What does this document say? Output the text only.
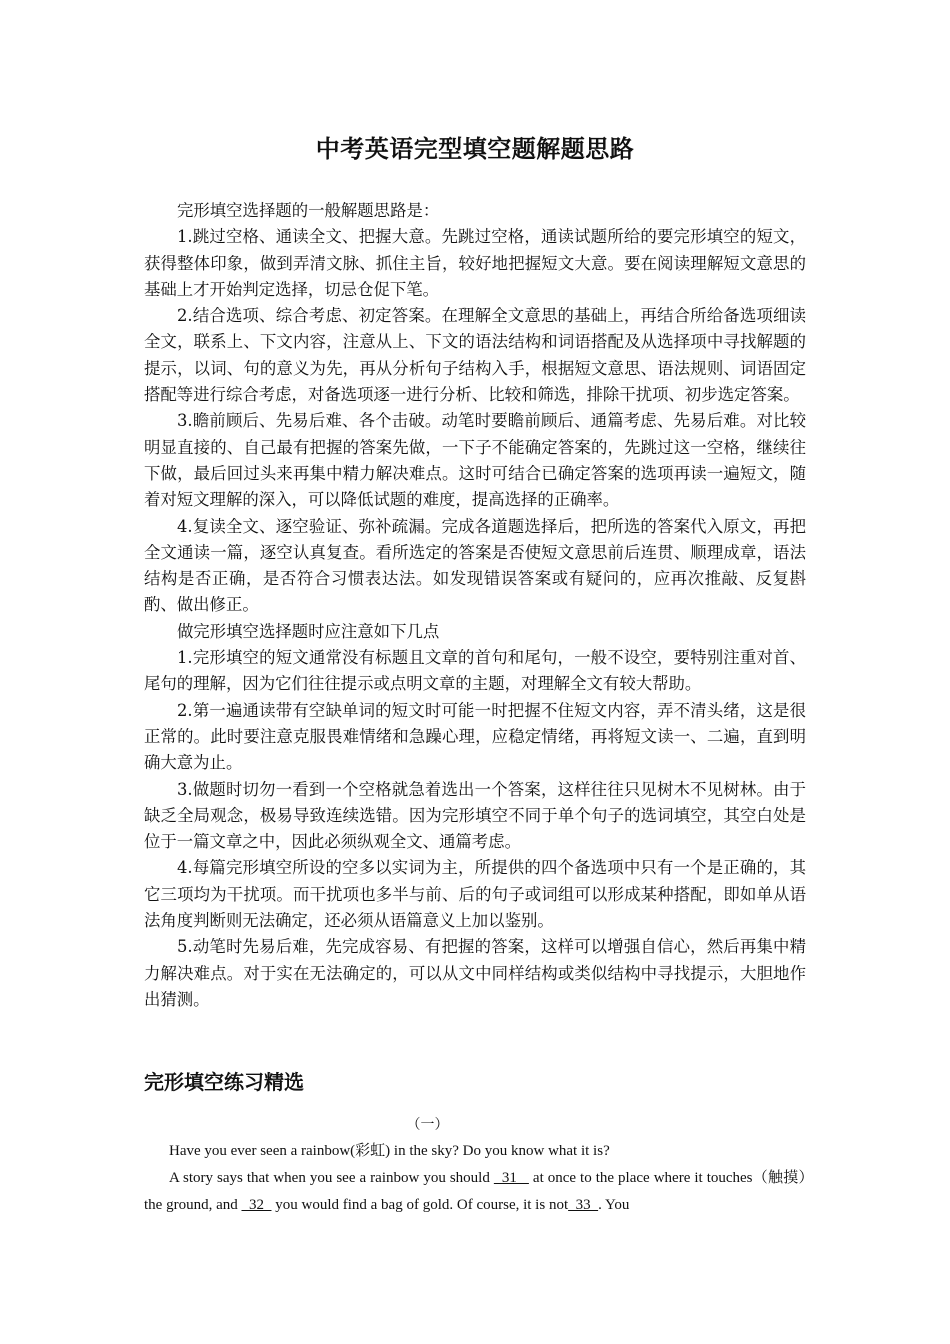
中考英语完型填空题解题思路

完形填空选择题的一般解题思路是：

1.跳过空格、通读全文、把握大意。先跳过空格，通读试题所给的要完形填空的短文，获得整体印象，做到弄清文脉、抓住主旨，较好地把握短文大意。要在阅读理解短文意思的基础上才开始判定选择，切忌仓促下笔。

2.结合选项、综合考虑、初定答案。在理解全文意思的基础上，再结合所给备选项细读全文，联系上、下文内容，注意从上、下文的语法结构和词语搭配及从选择项中寻找解题的提示，以词、句的意义为先，再从分析句子结构入手，根据短文意思、语法规则、词语固定搭配等进行综合考虑，对备选项逐一进行分析、比较和筛选，排除干扰项、初步选定答案。

3.瞻前顾后、先易后难、各个击破。动笔时要瞻前顾后、通篇考虑、先易后难。对比较明显直接的、自己最有把握的答案先做，一下子不能确定答案的，先跳过这一空格，继续往下做，最后回过头来再集中精力解决难点。这时可结合已确定答案的选项再读一遍短文，随着对短文理解的深入，可以降低试题的难度，提高选择的正确率。

4.复读全文、逐空验证、弥补疏漏。完成各道题选择后，把所选的答案代入原文，再把全文通读一篇，逐空认真复查。看所选定的答案是否使短文意思前后连贯、顺理成章，语法结构是否正确，是否符合习惯表达法。如发现错误答案或有疑问的，应再次推敲、反复斟酌、做出修正。

做完形填空选择题时应注意如下几点

1.完形填空的短文通常没有标题且文章的首句和尾句，一般不设空，要特别注重对首、尾句的理解，因为它们往往提示或点明文章的主题，对理解全文有较大帮助。

2.第一遍通读带有空缺单词的短文时可能一时把握不住短文内容，弄不清头绪，这是很正常的。此时要注意克服畏难情绪和急躁心理，应稳定情绪，再将短文读一、二遍，直到明确大意为止。

3.做题时切勿一看到一个空格就急着选出一个答案，这样往往只见树木不见树林。由于缺乏全局观念，极易导致连续选错。因为完形填空不同于单个句子的选词填空，其空白处是位于一篇文章之中，因此必须纵观全文、通篇考虑。

4.每篇完形填空所设的空多以实词为主，所提供的四个备选项中只有一个是正确的，其它三项均为干扰项。而干扰项也多半与前、后的句子或词组可以形成某种搭配，即如单从语法角度判断则无法确定，还必须从语篇意义上加以鉴别。

5.动笔时先易后难，先完成容易、有把握的答案，这样可以增强自信心，然后再集中精力解决难点。对于实在无法确定的，可以从文中同样结构或类似结构中寻找提示，大胆地作出猜测。

完形填空练习精选
（一）

Have you ever seen a rainbow(彩虹) in the sky? Do you know what it is?

A story says that when you see a rainbow you should   31    at once to the place where it touches（触摸）the ground, and   32   you would find a bag of gold. Of course, it is not  33  . You
